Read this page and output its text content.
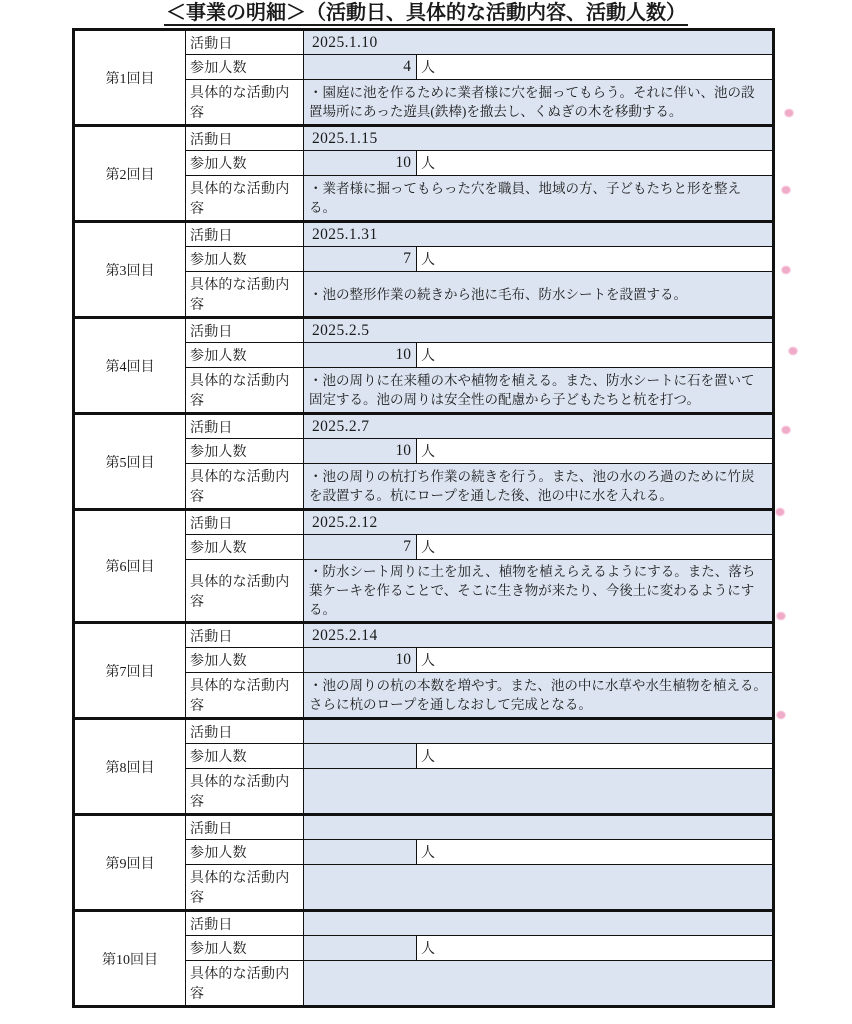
＜事業の明細＞（活動日、具体的な活動内容、活動人数）
第1回目	活動日	2025.1.10	
	参加人数	4	人
	具体的な活動内容	・園庭に池を作るために業者様に穴を掘ってもらう。それに伴い、池の設置場所にあった遊具(鉄棒)を撤去し、くぬぎの木を移動する。	
第2回目	活動日	2025.1.15	
	参加人数	10	人
	具体的な活動内容	・業者様に掘ってもらった穴を職員、地域の方、子どもたちと形を整える。	
第3回目	活動日	2025.1.31	
	参加人数	7	人
	具体的な活動内容	・池の整形作業の続きから池に毛布、防水シートを設置する。	
第4回目	活動日	2025.2.5	
	参加人数	10	人
	具体的な活動内容	・池の周りに在来種の木や植物を植える。また、防水シートに石を置いて固定する。池の周りは安全性の配慮から子どもたちと杭を打つ。	
第5回目	活動日	2025.2.7	
	参加人数	10	人
	具体的な活動内容	・池の周りの杭打ち作業の続きを行う。また、池の水のろ過のために竹炭を設置する。杭にロープを通した後、池の中に水を入れる。	
第6回目	活動日	2025.2.12	
	参加人数	7	人
	具体的な活動内容	・防水シート周りに土を加え、植物を植えらえるようにする。また、落ち葉ケーキを作ることで、そこに生き物が来たり、今後土に変わるようにする。	
第7回目	活動日	2025.2.14	
	参加人数	10	人
	具体的な活動内容	・池の周りの杭の本数を増やす。また、池の中に水草や水生植物を植える。さらに杭のロープを通しなおして完成となる。	
第8回目	活動日		
	参加人数		人
	具体的な活動内容		
第9回目	活動日		
	参加人数		人
	具体的な活動内容		
第10回目	活動日		
	参加人数		人
	具体的な活動内容		
